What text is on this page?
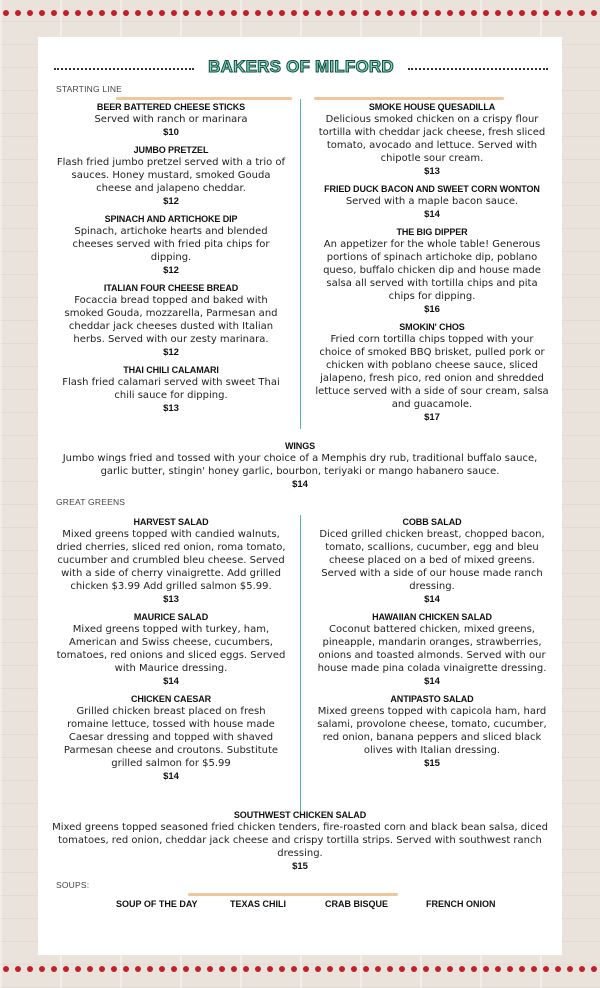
BAKERS OF MILFORD
STARTING LINE
BEER BATTERED CHEESE STICKS
Served with ranch or marinara
$10
JUMBO PRETZEL
Flash fried jumbo pretzel served with a trio of sauces. Honey mustard, smoked Gouda cheese and jalapeno cheddar.
$12
SPINACH AND ARTICHOKE DIP
Spinach, artichoke hearts and blended cheeses served with fried pita chips for dipping.
$12
ITALIAN FOUR CHEESE BREAD
Focaccia bread topped and baked with smoked Gouda, mozzarella, Parmesan and cheddar jack cheeses dusted with Italian herbs. Served with our zesty marinara.
$12
THAI CHILI CALAMARI
Flash fried calamari served with sweet Thai chili sauce for dipping.
$13
SMOKE HOUSE QUESADILLA
Delicious smoked chicken on a crispy flour tortilla with cheddar jack cheese, fresh sliced tomato, avocado and lettuce. Served with chipotle sour cream.
$13
FRIED DUCK BACON AND SWEET CORN WONTON
Served with a maple bacon sauce.
$14
THE BIG DIPPER
An appetizer for the whole table! Generous portions of spinach artichoke dip, poblano queso, buffalo chicken dip and house made salsa all served with tortilla chips and pita chips for dipping.
$16
SMOKIN' CHOS
Fried corn tortilla chips topped with your choice of smoked BBQ brisket, pulled pork or chicken with poblano cheese sauce, sliced jalapeno, fresh pico, red onion and shredded lettuce served with a side of sour cream, salsa and guacamole.
$17
WINGS
Jumbo wings fried and tossed with your choice of a Memphis dry rub, traditional buffalo sauce, garlic butter, stingin' honey garlic, bourbon, teriyaki or mango habanero sauce.
$14
GREAT GREENS
HARVEST SALAD
Mixed greens topped with candied walnuts, dried cherries, sliced red onion, roma tomato, cucumber and crumbled bleu cheese. Served with a side of cherry vinaigrette. Add grilled chicken $3.99 Add grilled salmon $5.99.
$13
MAURICE SALAD
Mixed greens topped with turkey, ham, American and Swiss cheese, cucumbers, tomatoes, red onions and sliced eggs. Served with Maurice dressing.
$14
CHICKEN CAESAR
Grilled chicken breast placed on fresh romaine lettuce, tossed with house made Caesar dressing and topped with shaved Parmesan cheese and croutons. Substitute grilled salmon for $5.99
$14
COBB SALAD
Diced grilled chicken breast, chopped bacon, tomato, scallions, cucumber, egg and bleu cheese placed on a bed of mixed greens. Served with a side of our house made ranch dressing.
$14
HAWAIIAN CHICKEN SALAD
Coconut battered chicken, mixed greens, pineapple, mandarin oranges, strawberries, onions and toasted almonds. Served with our house made pina colada vinaigrette dressing.
$14
ANTIPASTO SALAD
Mixed greens topped with capicola ham, hard salami, provolone cheese, tomato, cucumber, red onion, banana peppers and sliced black olives with Italian dressing.
$15
SOUTHWEST CHICKEN SALAD
Mixed greens topped seasoned fried chicken tenders, fire-roasted corn and black bean salsa, diced tomatoes, red onion, cheddar jack cheese and crispy tortilla strips. Served with southwest ranch dressing.
$15
SOUPS:
SOUP OF THE DAY	TEXAS CHILI	CRAB BISQUE	FRENCH ONION
